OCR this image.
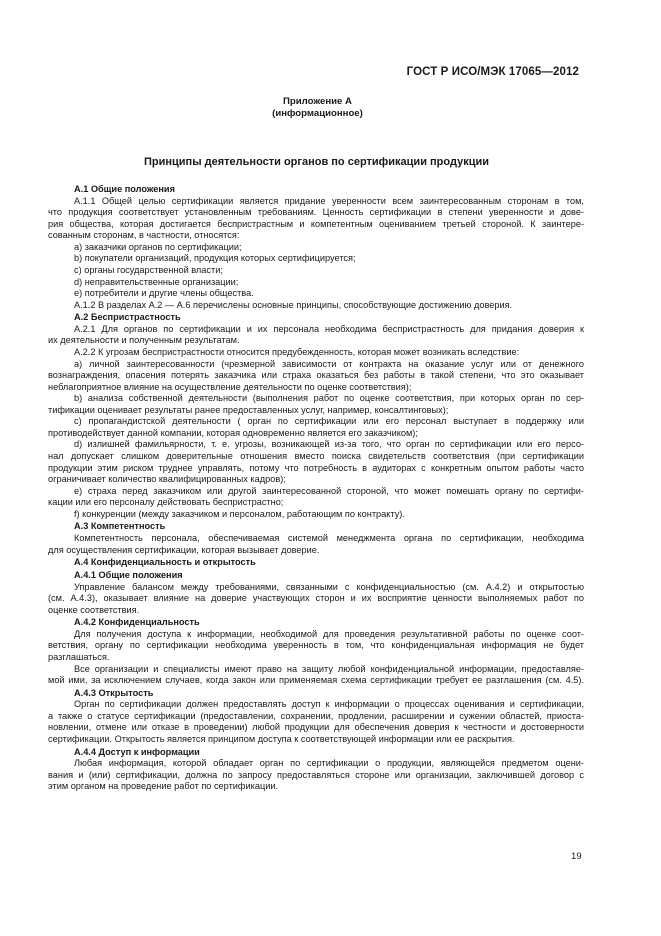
ГОСТ Р ИСО/МЭК 17065—2012
Приложение А
(информационное)
Принципы деятельности органов по сертификации продукции
А.1 Общие положения
А.1.1 Общей целью сертификации является придание уверенности всем заинтересованным сторонам в том,
что продукция соответствует установленным требованиям. Ценность сертификации в степени уверенности и дове-
рия общества, которая достигается беспристрастным и компетентным оцениванием третьей стороной. К заинтере-
сованным сторонам, в частности, относятся:
а) заказчики органов по сертификации;
b) покупатели организаций, продукция которых сертифицируется;
с) органы государственной власти;
d) неправительственные организации;
е) потребители и другие члены общества.
А.1.2 В разделах А.2 — А.6 перечислены основные принципы, способствующие достижению доверия.
А.2 Беспристрастность
А.2.1 Для органов по сертификации и их персонала необходима беспристрастность для придания доверия к
их деятельности и полученным результатам.
А.2.2 К угрозам беспристрастности относится предубежденность, которая может возникать вследствие:
а) личной заинтересованности (чрезмерной зависимости от контракта на оказание услуг или от денежного
вознаграждения, опасения потерять заказчика или страха оказаться без работы в такой степени, что это оказывает
неблагоприятное влияние на осуществление деятельности по оценке соответствия);
b) анализа собственной деятельности (выполнения работ по оценке соответствия, при которых орган по сер-
тификации оценивает результаты ранее предоставленных услуг, например, консалтинговых);
с) пропагандистской деятельности ( орган по сертификации или его персонал выступает в поддержку или
противодействует данной компании, которая одновременно является его заказчиком);
d) излишней фамильярности, т. е. угрозы, возникающей из-за того, что орган по сертификации или его персо-
нал допускает слишком доверительные отношения вместо поиска свидетельств соответствия (при сертификации
продукции этим риском труднее управлять, потому что потребность в аудиторах с конкретным опытом работы часто
ограничивает количество квалифицированных кадров);
е) страха перед заказчиком или другой заинтересованной стороной, что может помешать органу по сертифи-
кации или его персоналу действовать беспристрастно;
f) конкуренции (между заказчиком и персоналом, работающим по контракту).
А.3 Компетентность
Компетентность персонала, обеспечиваемая системой менеджмента органа по сертификации, необходима
для осуществления сертификации, которая вызывает доверие.
А.4 Конфиденциальность и открытость
А.4.1 Общие положения
Управление балансом между требованиями, связанными с конфиденциальностью (см. А.4.2) и открытостью
(см. А.4.3), оказывает влияние на доверие участвующих сторон и их восприятие ценности выполняемых работ по
оценке соответствия.
А.4.2 Конфиденциальность
Для получения доступа к информации, необходимой для проведения результативной работы по оценке соот-
ветствия, органу по сертификации необходима уверенность в том, что конфиденциальная информация не будет
разглашаться.
Все организации и специалисты имеют право на защиту любой конфиденциальной информации, предоставляе-
мой ими, за исключением случаев, когда закон или применяемая схема сертификации требует ее разглашения (см. 4.5).
А.4.3 Открытость
Орган по сертификации должен предоставлять доступ к информации о процессах оценивания и сертификации,
а также о статусе сертификации (предоставлении, сохранении, продлении, расширении и сужении областей, приоста-
новлении, отмене или отказе в проведении) любой продукции для обеспечения доверия к честности и достоверности
сертификации. Открытость является принципом доступа к соответствующей информации или ее раскрытия.
А.4.4 Доступ к информации
Любая информация, которой обладает орган по сертификации о продукции, являющейся предметом оцени-
вания и (или) сертификации, должна по запросу предоставляться стороне или организации, заключившей договор с
этим органом на проведение работ по сертификации.
19
